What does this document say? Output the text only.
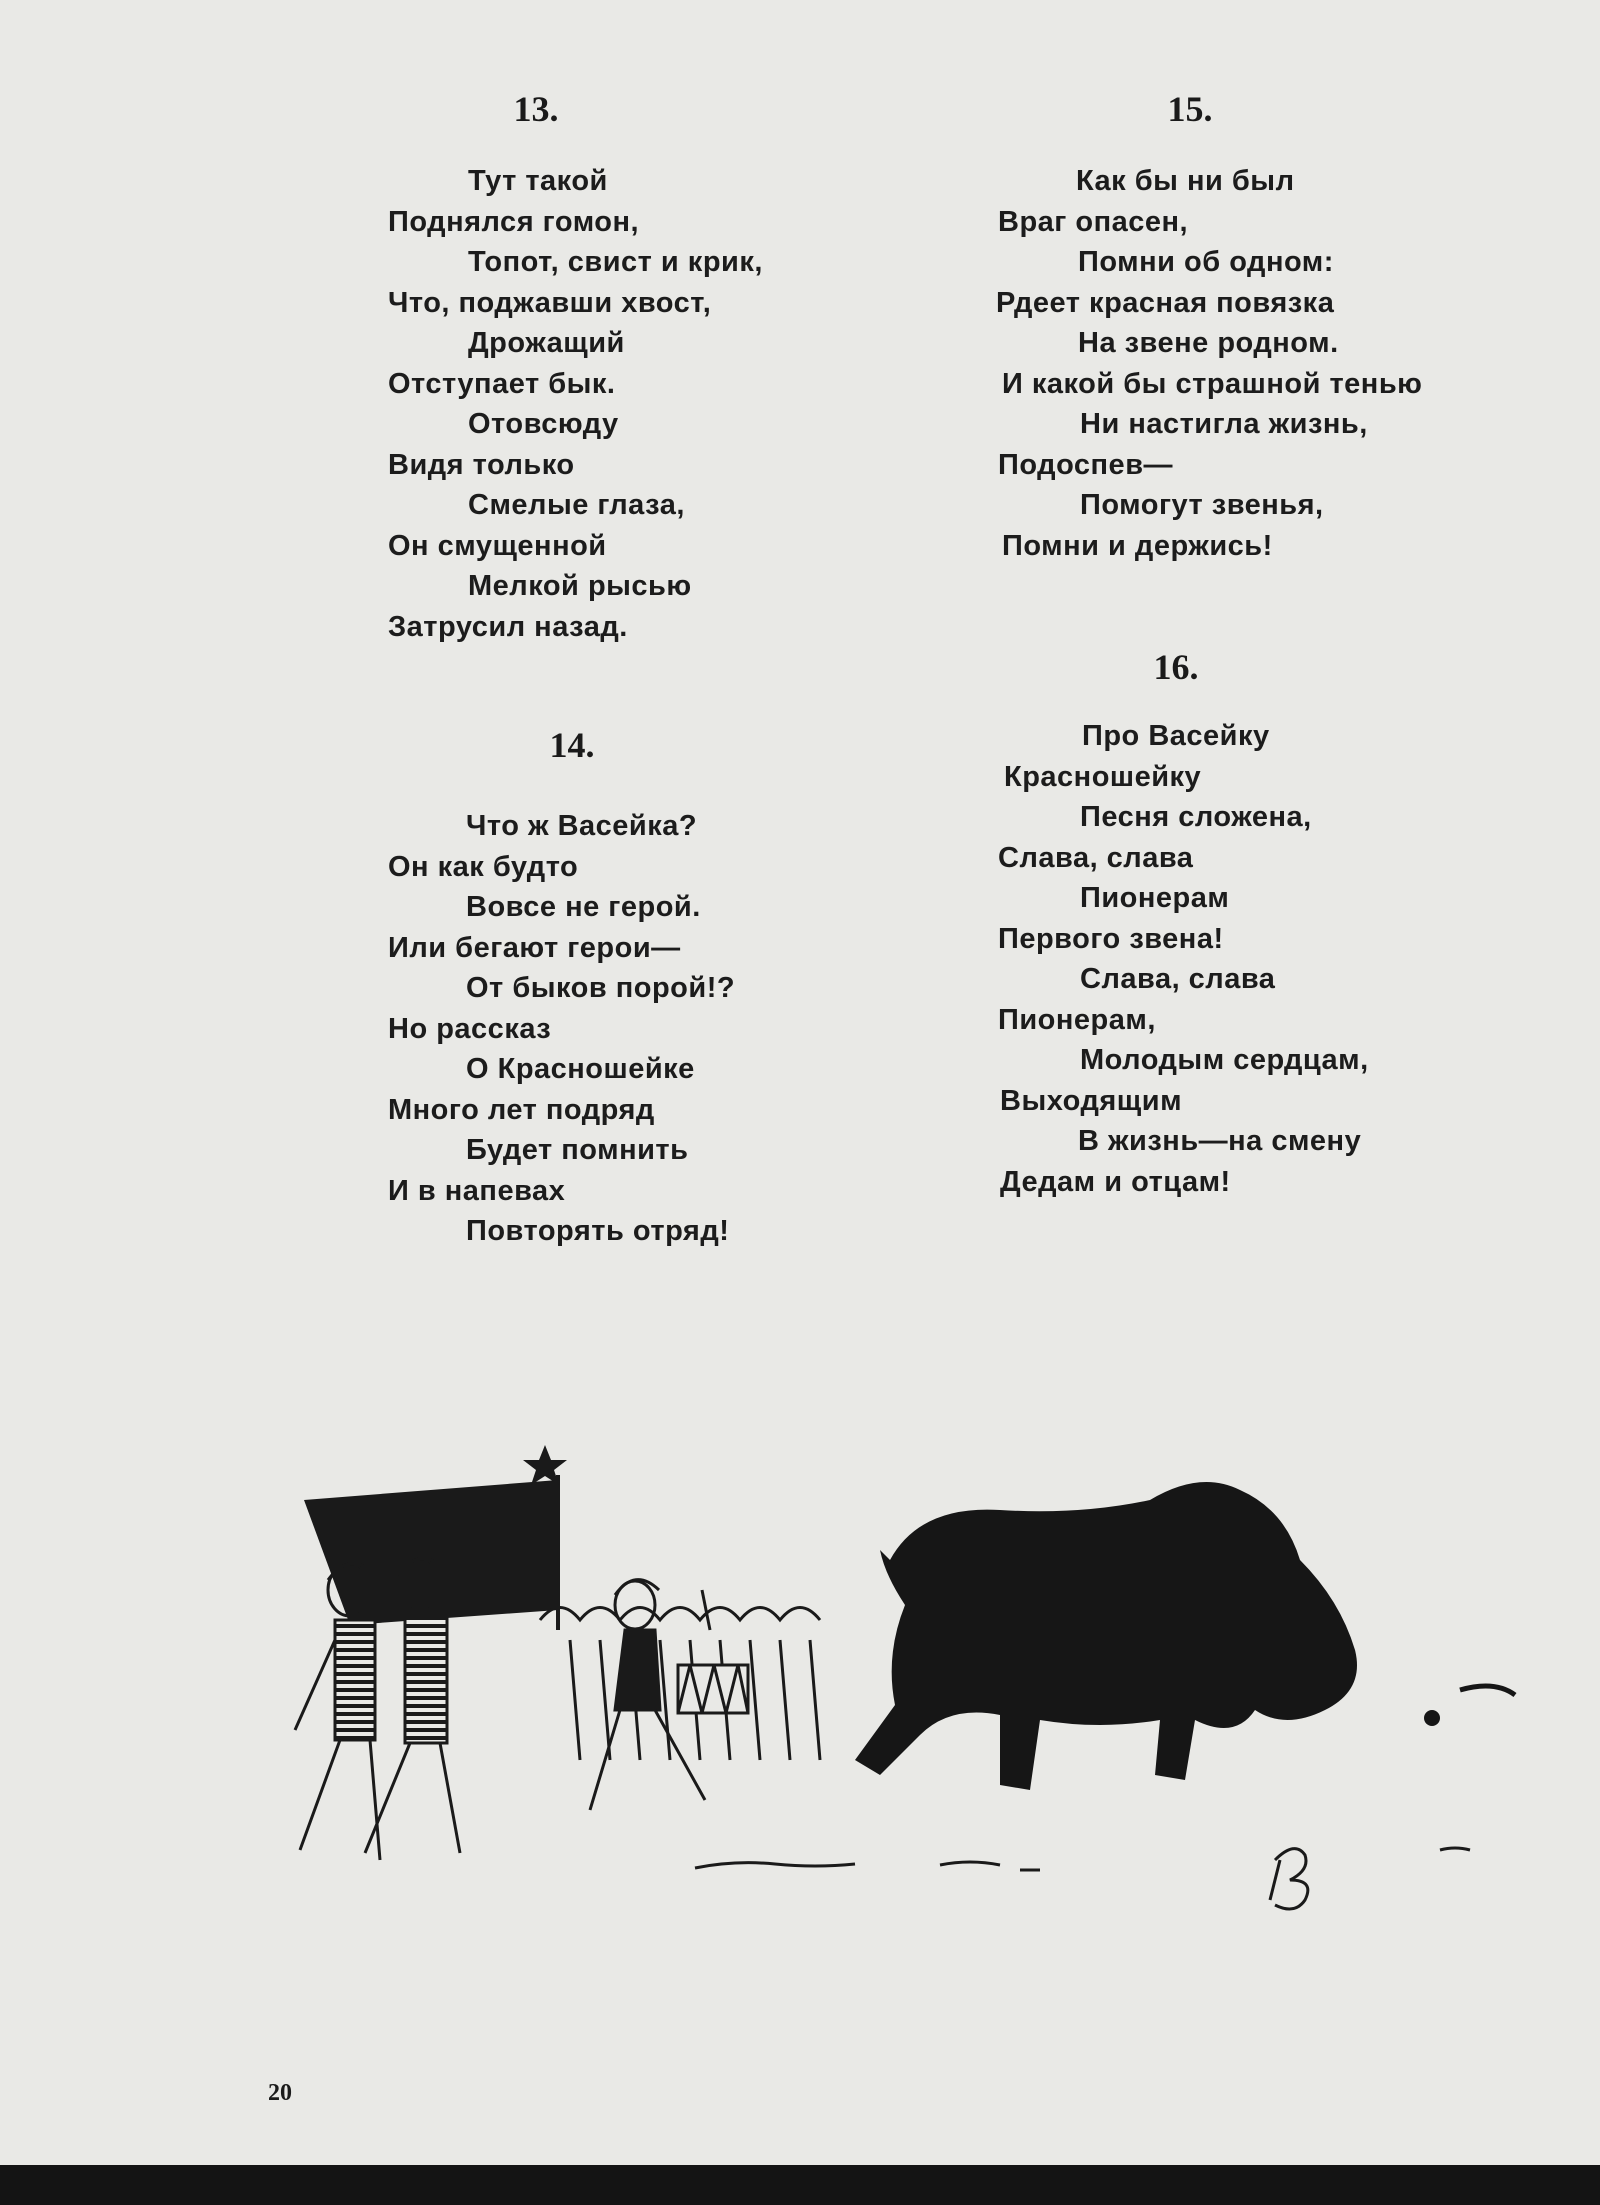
13.
Тут такой
Поднялся гомон,
Топот, свист и крик,
Что, поджавши хвост,
Дрожащий
Отступает бык.
Отовсюду
Видя только
Смелые глаза,
Он смущенной
Мелкой рысью
Затрусил назад.
14.
Что ж Васейка?
Он как будто
Вовсе не герой.
Или бегают герои—
От быков порой!?
Но рассказ
О Красношейке
Много лет подряд
Будет помнить
И в напевах
Повторять отряд!
15.
Как бы ни был
Враг опасен,
Помни об одном:
Рдеет красная повязка
На звене родном.
И какой бы страшной тенью
Ни настигла жизнь,
Подоспев—
Помогут звенья,
Помни и держись!
16.
Про Васейку
Красношейку
Песня сложена,
Слава, слава
Пионерам
Первого звена!
Слава, слава
Пионерам,
Молодым сердцам,
Выходящим
В жизнь—на смену
Дедам и отцам!
20
